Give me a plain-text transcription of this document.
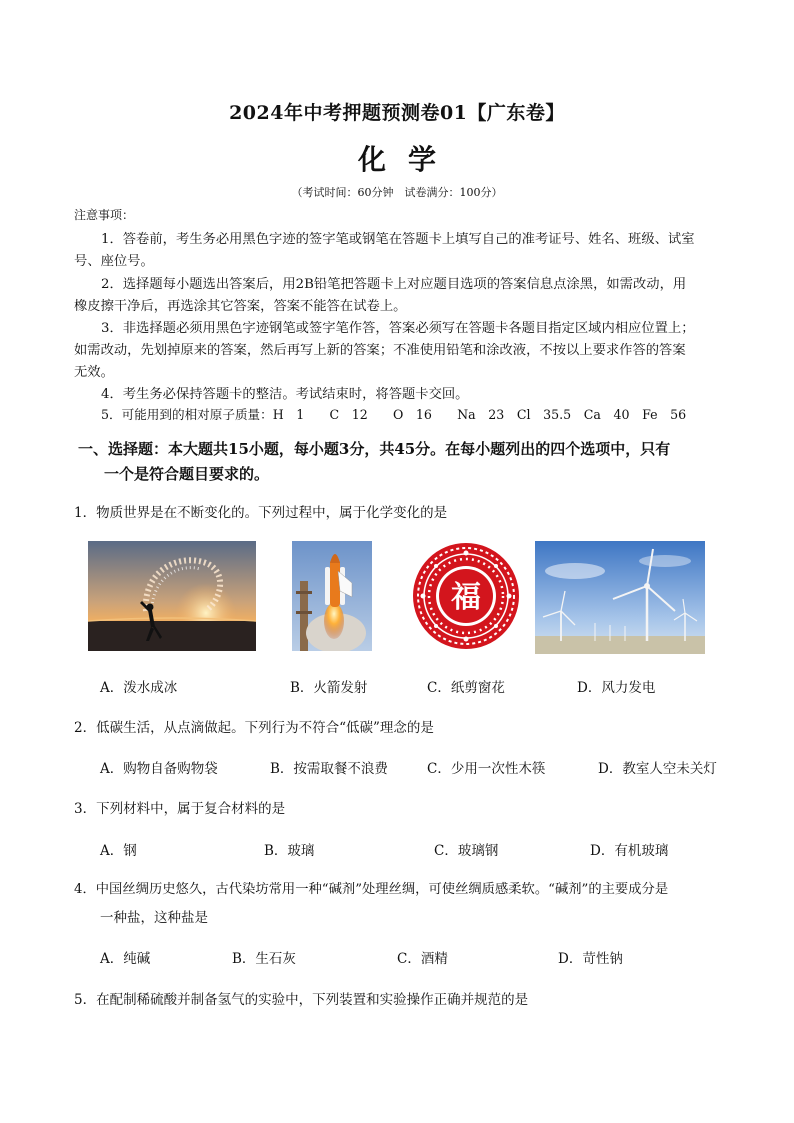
2024年中考押题预测卷01【广东卷】
化学
（考试时间：60分钟　试卷满分：100分）
注意事项：
1．答卷前，考生务必用黑色字迹的签字笔或钢笔在答题卡上填写自己的准考证号、姓名、班级、试室
号、座位号。
2．选择题每小题选出答案后，用2B铅笔把答题卡上对应题目选项的答案信息点涂黑，如需改动，用
橡皮擦干净后，再选涂其它答案，答案不能答在试卷上。
3．非选择题必须用黑色字迹钢笔或签字笔作答，答案必须写在答题卡各题目指定区域内相应位置上；
如需改动，先划掉原来的答案，然后再写上新的答案；不准使用铅笔和涂改液，不按以上要求作答的答案
无效。
4．考生务必保持答题卡的整洁。考试结束时，将答题卡交回。
5．可能用到的相对原子质量：H　1　　C　12　　O　16　　Na　23　Cl　35.5　Ca　40　Fe　56
一、选择题：本大题共15小题，每小题3分，共45分。在每小题列出的四个选项中，只有
一个是符合题目要求的。
1．物质世界是在不断变化的。下列过程中，属于化学变化的是
福
A．泼水成冰	B．火箭发射	C．纸剪窗花	D．风力发电
2．低碳生活，从点滴做起。下列行为不符合“低碳”理念的是
A．购物自备购物袋	B．按需取餐不浪费	C．少用一次性木筷	D．教室人空未关灯
3．下列材料中，属于复合材料的是
A．钢	B．玻璃	C．玻璃钢	D．有机玻璃
4．中国丝绸历史悠久，古代染坊常用一种“碱剂”处理丝绸，可使丝绸质感柔软。“碱剂”的主要成分是
一种盐，这种盐是
A．纯碱	B．生石灰	C．酒精	D．苛性钠
5．在配制稀硫酸并制备氢气的实验中，下列装置和实验操作正确并规范的是
